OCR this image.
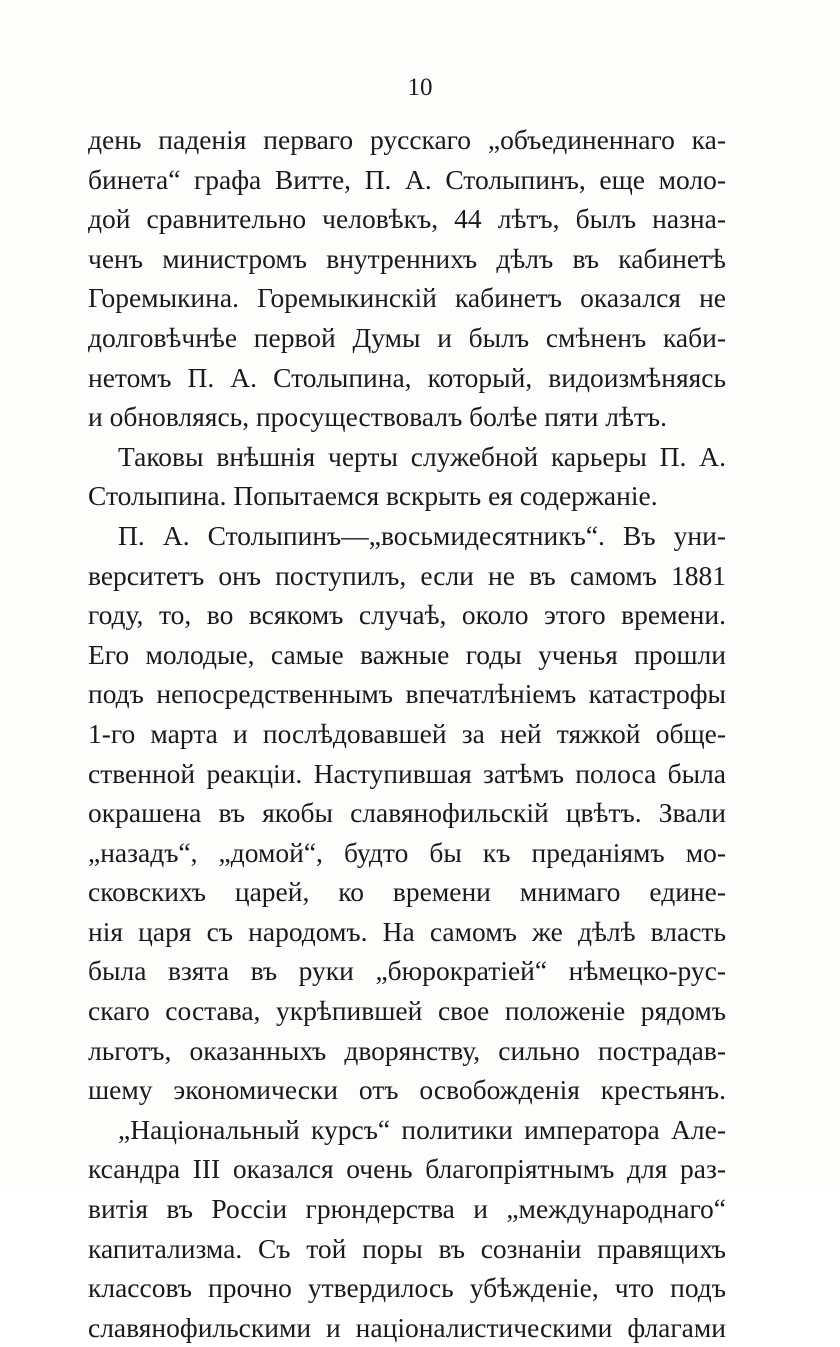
10
день паденія перваго русскаго „объединеннаго ка-
бинета“ графа Витте, П. А. Столыпинъ, еще моло-
дой сравнительно человѣкъ, 44 лѣтъ, былъ назна-
ченъ министромъ внутреннихъ дѣлъ въ кабинетѣ
Горемыкина. Горемыкинскій кабинетъ оказался не
долговѣчнѣе первой Думы и былъ смѣненъ каби-
нетомъ П. А. Столыпина, который, видоизмѣняясь
и обновляясь, просуществовалъ болѣе пяти лѣтъ.
Таковы внѣшнія черты служебной карьеры П. А.
Столыпина. Попытаемся вскрыть ея содержаніе.
П. А. Столыпинъ—„восьмидесятникъ“. Въ уни-
верситетъ онъ поступилъ, если не въ самомъ 1881
году, то, во всякомъ случаѣ, около этого времени.
Его молодые, самые важные годы ученья прошли
подъ непосредственнымъ впечатлѣніемъ катастрофы
1-го марта и послѣдовавшей за ней тяжкой обще-
ственной реакціи. Наступившая затѣмъ полоса была
окрашена въ якобы славянофильскій цвѣтъ. Звали
„назадъ“, „домой“, будто бы къ преданіямъ мо-
сковскихъ царей, ко времени мнимаго едине-
нія царя съ народомъ. На самомъ же дѣлѣ власть
была взята въ руки „бюрократіей“ нѣмецко-рус-
скаго состава, укрѣпившей свое положеніе рядомъ
льготъ, оказанныхъ дворянству, сильно пострадав-
шему экономически отъ освобожденія крестьянъ.
„Національный курсъ“ политики императора Але-
ксандра III оказался очень благопріятнымъ для раз-
витія въ Россіи грюндерства и „международнаго“
капитализма. Съ той поры въ сознаніи правящихъ
классовъ прочно утвердилось убѣжденіе, что подъ
славянофильскими и націоналистическими флагами
